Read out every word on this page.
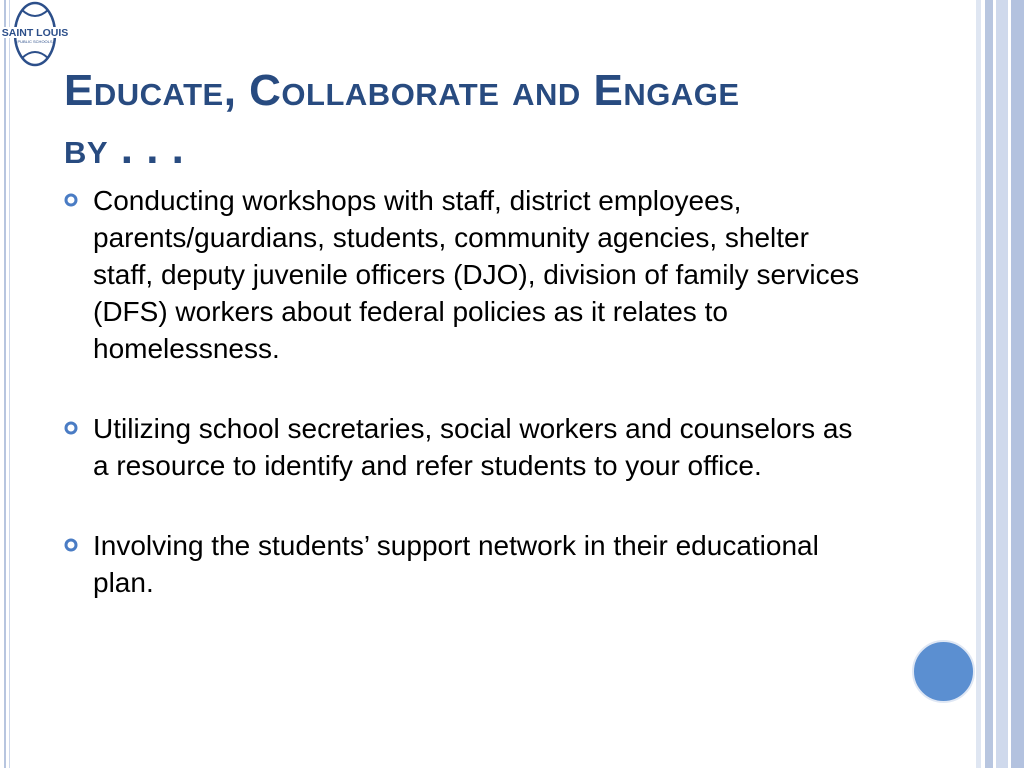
SAINT LOUIS
PUBLIC SCHOOLS
Educate, Collaborate and Engage
by . . .
Conducting workshops with staff, district employees, parents/guardians, students, community agencies, shelter staff, deputy juvenile officers (DJO), division of family services (DFS) workers about federal policies as it relates to homelessness.
Utilizing school secretaries, social workers and counselors as a resource to identify and refer students to your office.
Involving the students’ support network in their educational plan.
